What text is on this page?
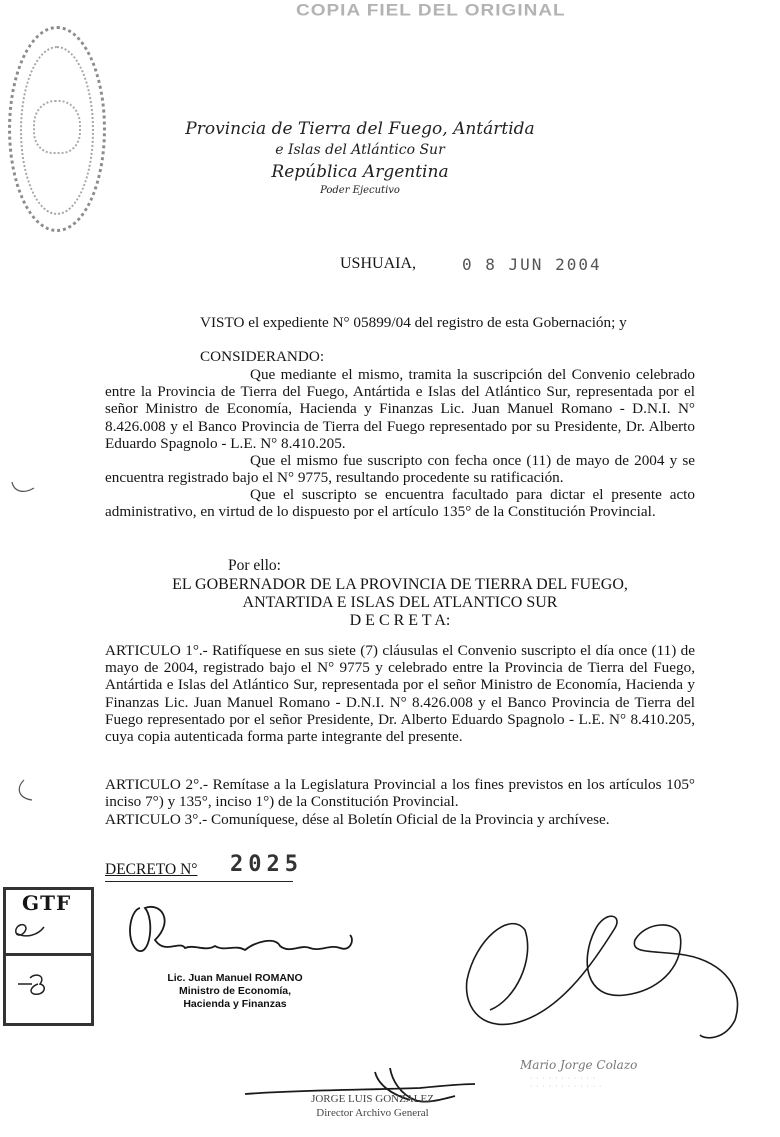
COPIA FIEL DEL ORIGINAL
Provincia de Tierra del Fuego, Antártida
e Islas del Atlántico Sur
República Argentina
Poder Ejecutivo
USHUAIA,	0 8 JUN 2004
VISTO el expediente N° 05899/04 del registro de esta Gobernación; y
CONSIDERANDO:
Que mediante el mismo, tramita la suscripción del Convenio celebrado entre la Provincia de Tierra del Fuego, Antártida e Islas del Atlántico Sur, representada por el señor Ministro de Economía, Hacienda y Finanzas Lic. Juan Manuel Romano - D.N.I. N° 8.426.008 y el Banco Provincia de Tierra del Fuego representado por su Presidente, Dr. Alberto Eduardo Spagnolo - L.E. N° 8.410.205.
Que el mismo fue suscripto con fecha once (11) de mayo de 2004 y se encuentra registrado bajo el N° 9775, resultando procedente su ratificación.
Que el suscripto se encuentra facultado para dictar el presente acto administrativo, en virtud de lo dispuesto por el artículo 135° de la Constitución Provincial.
Por ello:
EL GOBERNADOR DE LA PROVINCIA DE TIERRA DEL FUEGO,
ANTARTIDA E ISLAS DEL ATLANTICO SUR
D E C R E T A:
ARTICULO 1°.- Ratifíquese en sus siete (7) cláusulas el Convenio suscripto el día once (11) de mayo de 2004, registrado bajo el N° 9775 y celebrado entre la Provincia de Tierra del Fuego, Antártida e Islas del Atlántico Sur, representada por el señor Ministro de Economía, Hacienda y Finanzas Lic. Juan Manuel Romano - D.N.I. N° 8.426.008 y el Banco Provincia de Tierra del Fuego representado por el señor Presidente, Dr. Alberto Eduardo Spagnolo - L.E. N° 8.410.205, cuya copia autenticada forma parte integrante del presente.
ARTICULO 2°.- Remítase a la Legislatura Provincial a los fines previstos en los artículos 105° inciso 7°) y 135°, inciso 1°) de la Constitución Provincial.
ARTICULO 3°.- Comuníquese, dése al Boletín Oficial de la Provincia y archívese.
DECRETO N° 2025
GTF
Lic. Juan Manuel ROMANO
Ministro de Economía, Hacienda y Finanzas
JORGE LUIS GONZALEZ
Director Archivo General
Mario Jorge Colazo
· · · · · · · · · · ·
· · · · · · · · · · · ·
